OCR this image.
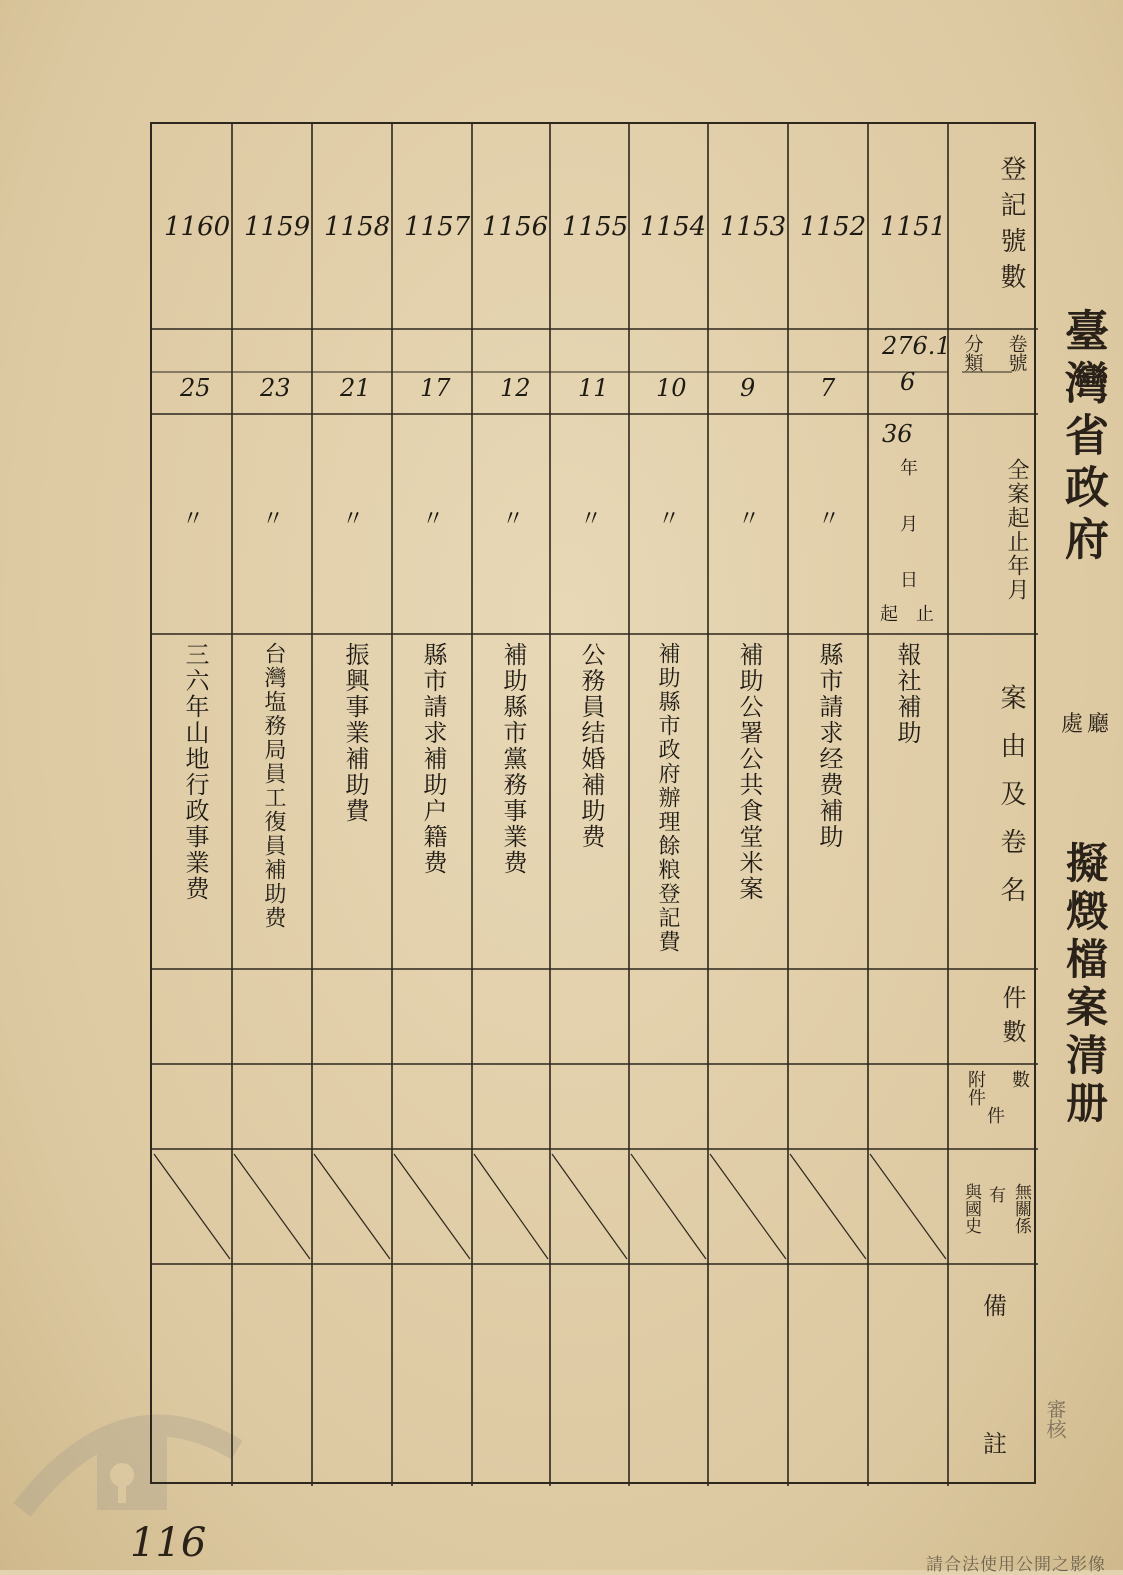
臺灣省政府
處 廳
擬燬檔案清册
登記號數
卷號
分類
全案起止年月
案由及卷名
件數
數
附件
件
無關係
有
與國史
備
註
36
年
月
日
起 止
276.1
6
審核
1151
報社補助
1152
7
〃
縣市請求经费補助
1153
9
〃
補助公署公共食堂米案
1154
10
〃
補助縣市政府辦理餘粮登記費
1155
11
〃
公務員结婚補助费
1156
12
〃
補助縣市黨務事業费
1157
17
〃
縣市請求補助户籍费
1158
21
〃
振興事業補助費
1159
23
〃
台灣塩務局員工復員補助费
1160
25
〃
三六年山地行政事業费
116	請合法使用公開之影像
